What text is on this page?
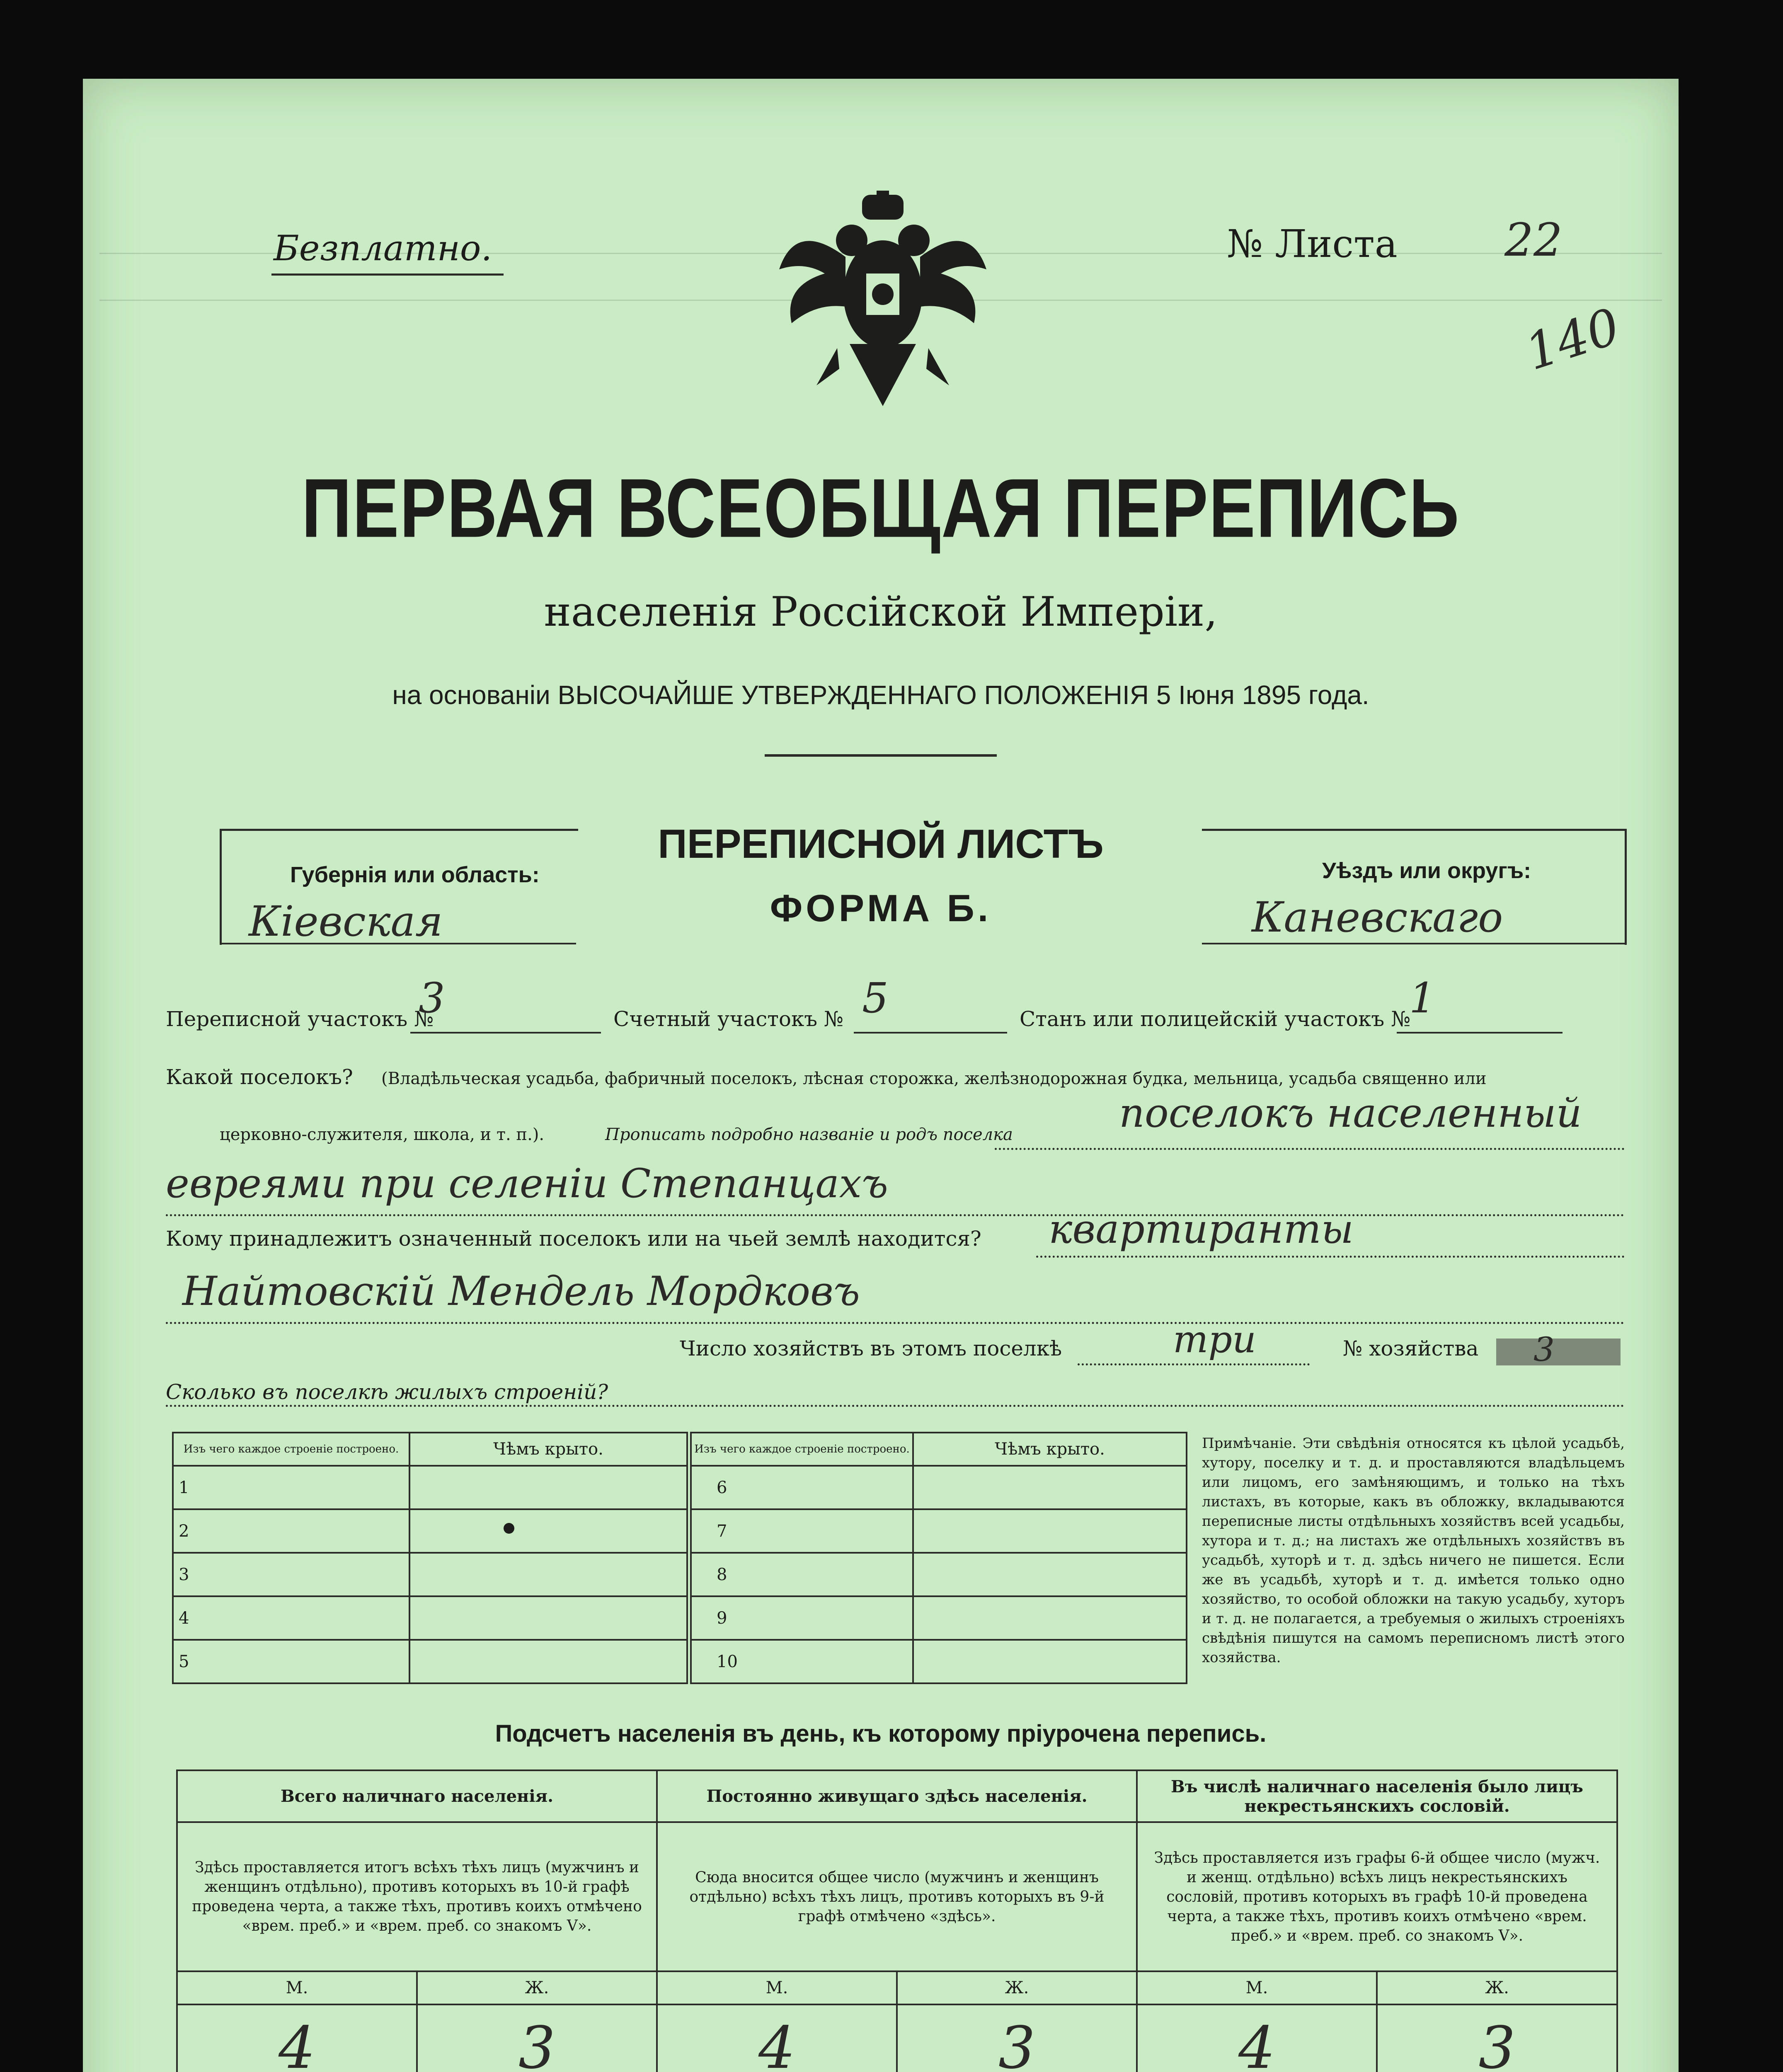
Безплатно.	№ Листа 22
140
ПЕРВАЯ ВСЕОБЩАЯ ПЕРЕПИСЬ
населенія Россійской Имперіи,
на основаніи ВЫСОЧАЙШЕ УТВЕРЖДЕННАГО ПОЛОЖЕНІЯ 5 Іюня 1895 года.
Губернія или область:
Кіевская
ПЕРЕПИСНОЙ ЛИСТЪ
ФОРМА Б.
Уѣздъ или округъ:
Каневскаго
Переписной участокъ №
3	Счетный участокъ № 5	Станъ или полицейскій участокъ №
1
Какой поселокъ? (Владѣльческая усадьба, фабричный поселокъ, лѣсная сторожка, желѣзнодорожная будка, мельница, усадьба священно или
церковно-служителя, школа, и т. п.).	Прописать подробно названіе и родъ поселка	поселокъ населенный
евреями при селеніи Степанцахъ
Кому принадлежитъ означенный поселокъ или на чьей землѣ находится? квартиранты
Найтовскій Мендель Мордковъ
Число хозяйствъ въ этомъ поселкѣ	три	№ хозяйства 3
Сколько въ поселкѣ жилыхъ строеній?
Изъ чего каждое строеніе построено.	Чѣмъ крыто.
1	
2	
3	
4	
5	
Изъ чего каждое строеніе построено.	Чѣмъ крыто.
6	
7	
8	
9	
10	
Примѣчаніе. Эти свѣдѣнія относятся къ цѣлой усадьбѣ, хутору, поселку и т. д. и проставляются владѣльцемъ или лицомъ, его замѣняющимъ, и только на тѣхъ листахъ, въ которые, какъ въ обложку, вкладываются переписные листы отдѣльныхъ хозяйствъ всей усадьбы, хутора и т. д.; на листахъ же отдѣльныхъ хозяйствъ въ усадьбѣ, хуторѣ и т. д. здѣсь ничего не пишется. Если же въ усадьбѣ, хуторѣ и т. д. имѣется только одно хозяйство, то особой обложки на такую усадьбу, хуторъ и т. д. не полагается, а требуемыя о жилыхъ строеніяхъ свѣдѣнія пишутся на самомъ переписномъ листѣ этого хозяйства.
Подсчетъ населенія въ день, къ которому пріурочена перепись.
Всего наличнаго населенія.		Постоянно живущаго здѣсь населенія.		Въ числѣ наличнаго населенія было лицъ некрестьянскихъ сословій.	
Здѣсь проставляется итогъ всѣхъ тѣхъ лицъ (мужчинъ и женщинъ отдѣльно), противъ которыхъ въ 10-й графѣ проведена черта, а также тѣхъ, противъ коихъ отмѣчено «врем. преб.» и «врем. преб. со знакомъ V».		Сюда вносится общее число (мужчинъ и женщинъ отдѣльно) всѣхъ тѣхъ лицъ, противъ которыхъ въ 9-й графѣ отмѣчено «здѣсь».		Здѣсь проставляется изъ графы 6-й общее число (мужч. и женщ. отдѣльно) всѣхъ лицъ некрестьянскихъ сословій, противъ которыхъ въ графѣ 10-й проведена черта, а также тѣхъ, противъ коихъ отмѣчено «врем. преб.» и «врем. преб. со знакомъ V».	
М.	Ж.	М.	Ж.	М.	Ж.
4	3	4	3	4	3
